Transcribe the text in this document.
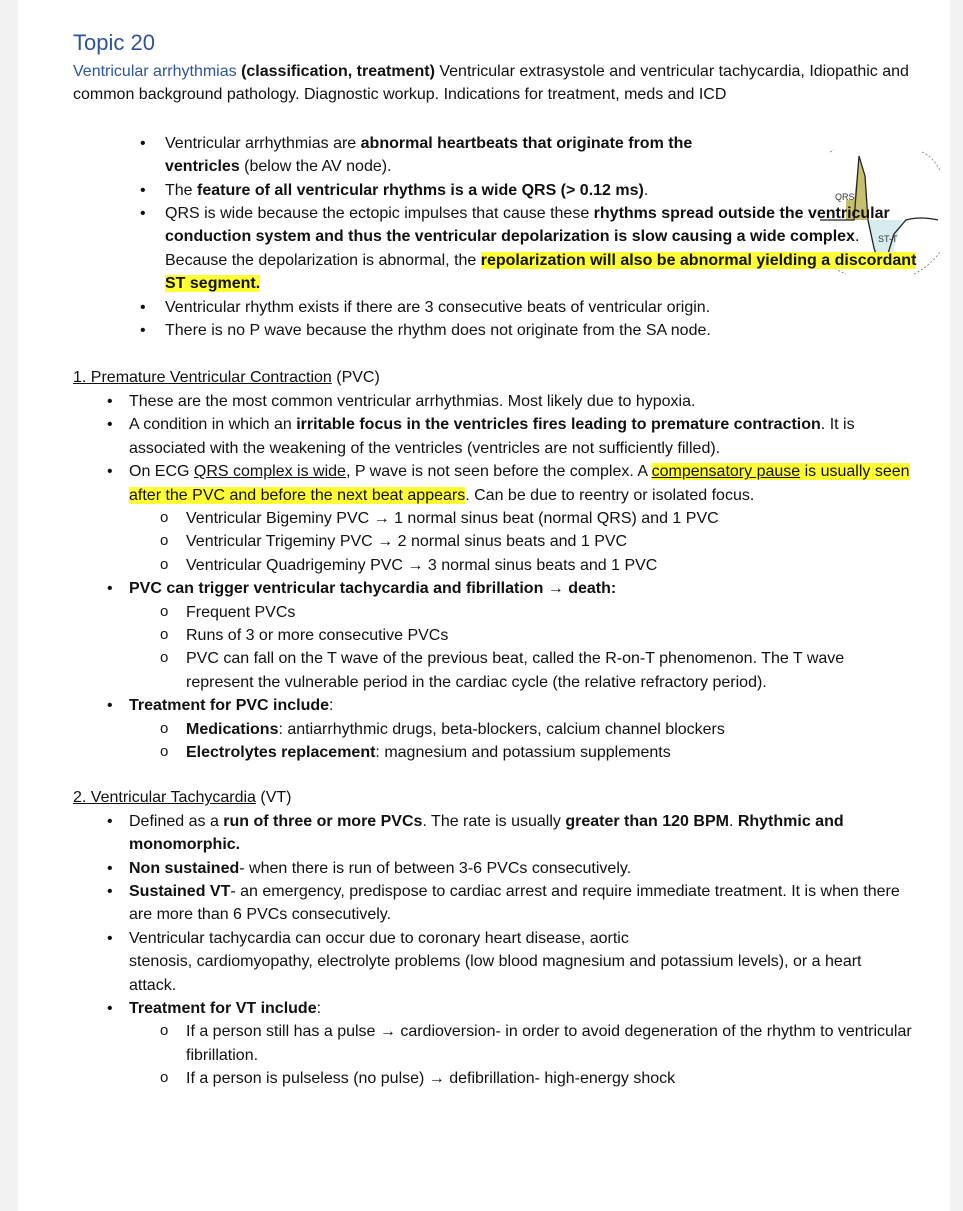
QRS
ST-T
Topic 20

Ventricular arrhythmias (classification, treatment) Ventricular extrasystole and ventricular tachycardia, Idiopathic and common background pathology. Diagnostic workup. Indications for treatment, meds and ICD

• Ventricular arrhythmias are abnormal heartbeats that originate from the ventricles (below the AV node).
• The feature of all ventricular rhythms is a wide QRS (> 0.12 ms).
• QRS is wide because the ectopic impulses that cause these rhythms spread outside the ventricular conduction system and thus the ventricular depolarization is slow causing a wide complex. Because the depolarization is abnormal, the repolarization will also be abnormal yielding a discordant ST segment.
• Ventricular rhythm exists if there are 3 consecutive beats of ventricular origin.
• There is no P wave because the rhythm does not originate from the SA node.

1. Premature Ventricular Contraction (PVC)

• These are the most common ventricular arrhythmias. Most likely due to hypoxia.
• A condition in which an irritable focus in the ventricles fires leading to premature contraction. It is associated with the weakening of the ventricles (ventricles are not sufficiently filled).
• On ECG QRS complex is wide, P wave is not seen before the complex. A compensatory pause is usually seen after the PVC and before the next beat appears. Can be due to reentry or isolated focus.
o Ventricular Bigeminy PVC → 1 normal sinus beat (normal QRS) and 1 PVC
o Ventricular Trigeminy PVC → 2 normal sinus beats and 1 PVC
o Ventricular Quadrigeminy PVC → 3 normal sinus beats and 1 PVC
• PVC can trigger ventricular tachycardia and fibrillation → death:
o Frequent PVCs
o Runs of 3 or more consecutive PVCs
o PVC can fall on the T wave of the previous beat, called the R-on-T phenomenon. The T wave represent the vulnerable period in the cardiac cycle (the relative refractory period).
• Treatment for PVC include:
o Medications: antiarrhythmic drugs, beta-blockers, calcium channel blockers
o Electrolytes replacement: magnesium and potassium supplements

2. Ventricular Tachycardia (VT)

• Defined as a run of three or more PVCs. The rate is usually greater than 120 BPM. Rhythmic and monomorphic.
• Non sustained- when there is run of between 3-6 PVCs consecutively.
• Sustained VT- an emergency, predispose to cardiac arrest and require immediate treatment. It is when there are more than 6 PVCs consecutively.
• Ventricular tachycardia can occur due to coronary heart disease, aortic
stenosis, cardiomyopathy, electrolyte problems (low blood magnesium and potassium levels), or a heart attack.
• Treatment for VT include:
o If a person still has a pulse → cardioversion- in order to avoid degeneration of the rhythm to ventricular fibrillation.
o If a person is pulseless (no pulse) → defibrillation- high-energy shock
